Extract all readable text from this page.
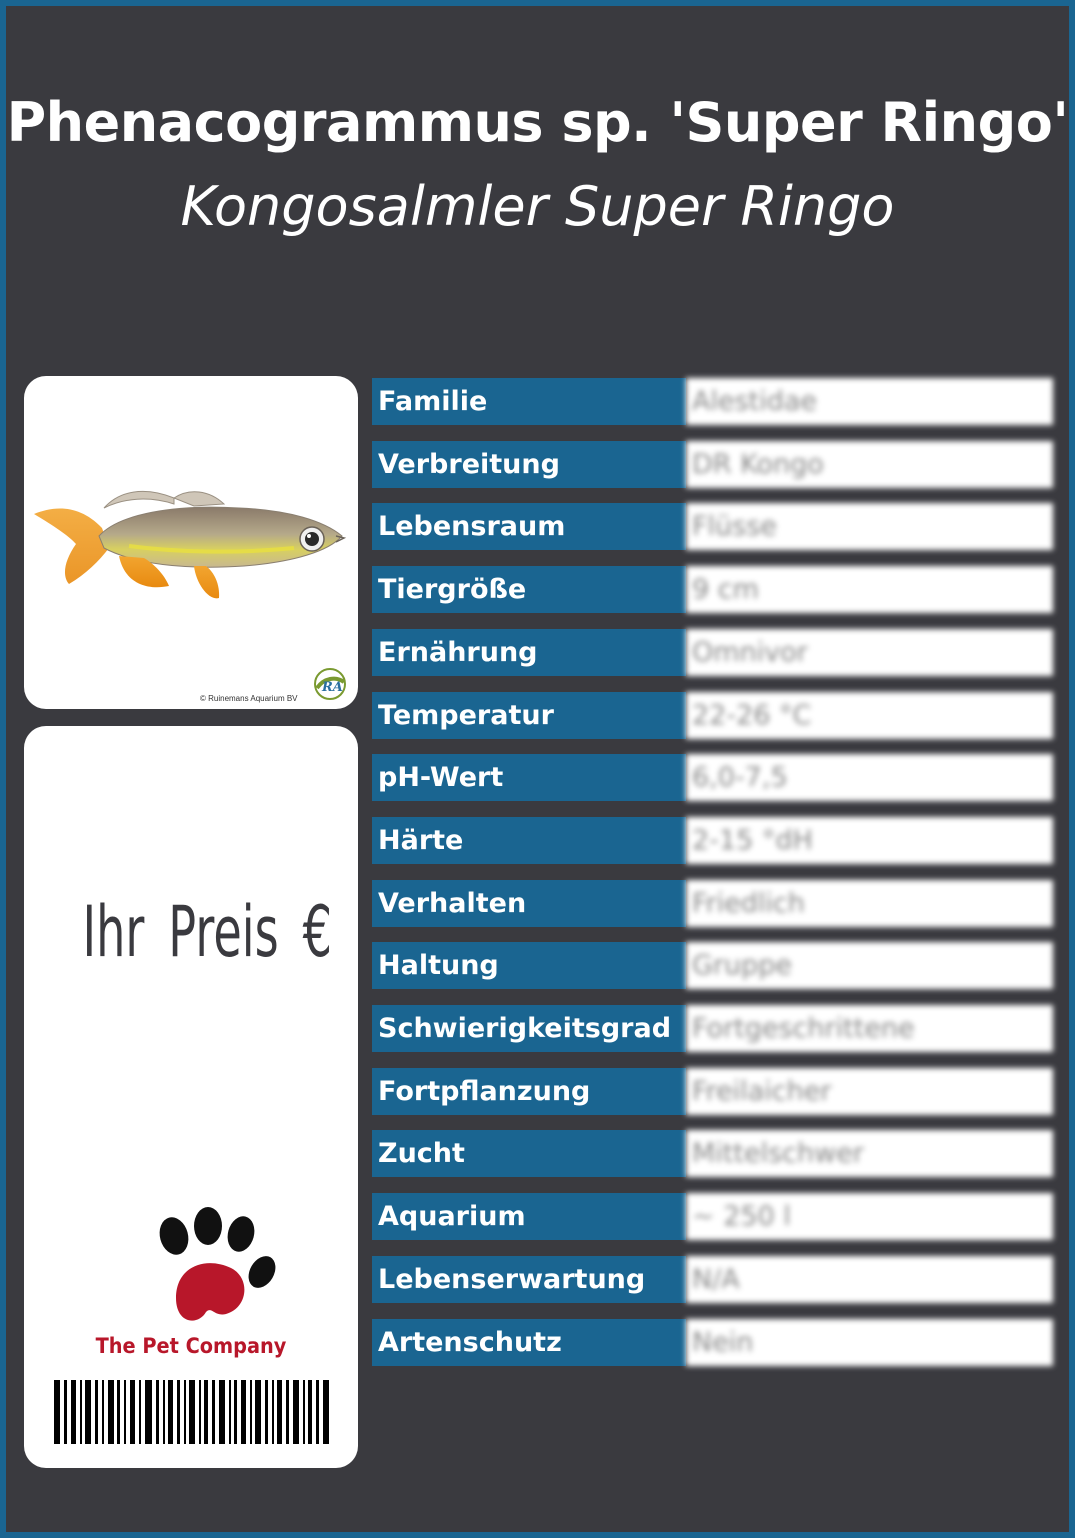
Phenacogrammus sp. 'Super Ringo'
Kongosalmler Super Ringo
RA
© Ruinemans Aquarium BV
Ihr Preis €
The Pet Company
Familie	Alestidae
Verbreitung	DR Kongo
Lebensraum	Flüsse
Tiergröße	9 cm
Ernährung	Omnivor
Temperatur	22-26 °C
pH-Wert	6,0-7,5
Härte	2-15 °dH
Verhalten	Friedlich
Haltung	Gruppe
Schwierigkeitsgrad Fortgeschrittene
Fortpflanzung	Freilaicher
Zucht	Mittelschwer
Aquarium	~ 250 l
Lebenserwartung	N/A
Artenschutz	Nein
